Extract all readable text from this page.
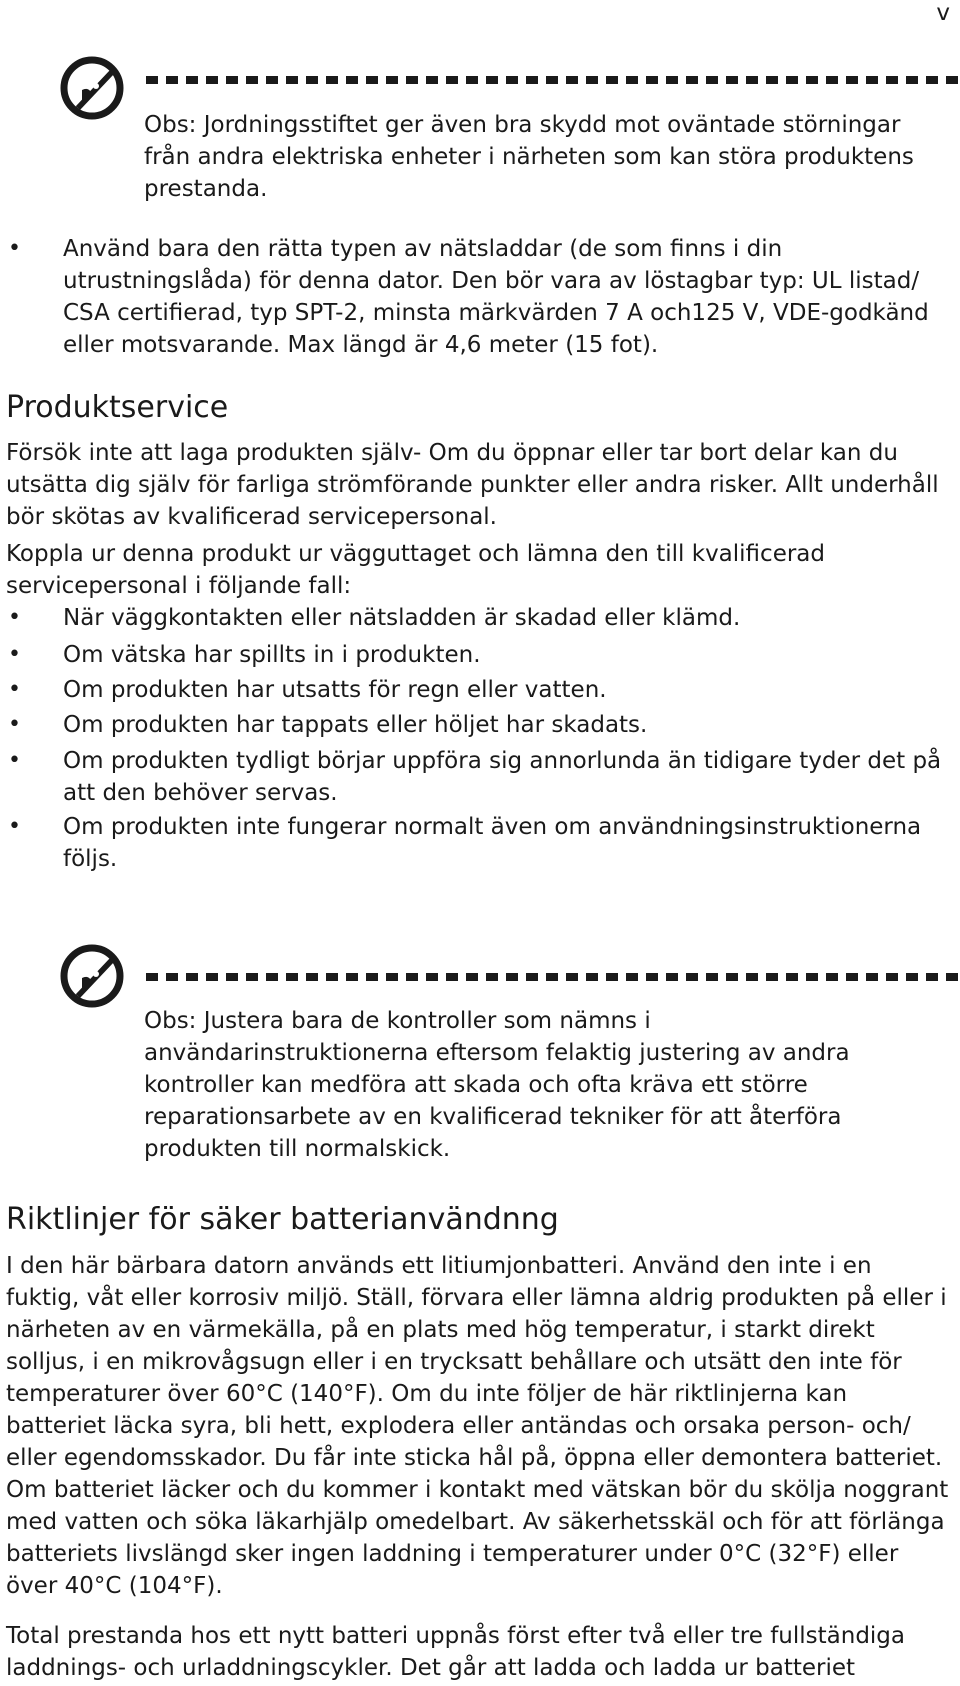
v

Obs: Jordningsstiftet ger även bra skydd mot oväntade störningar från andra elektriska enheter i närheten som kan störa produktens prestanda.

• Använd bara den rätta typen av nätsladdar (de som finns i din utrustningslåda) för denna dator. Den bör vara av löstagbar typ: UL listad/ CSA certifierad, typ SPT-2, minsta märkvärden 7 A och125 V, VDE-godkänd eller motsvarande. Max längd är 4,6 meter (15 fot).

Produktservice

Försök inte att laga produkten själv- Om du öppnar eller tar bort delar kan du utsätta dig själv för farliga strömförande punkter eller andra risker. Allt underhåll bör skötas av kvalificerad servicepersonal.

Koppla ur denna produkt ur vägguttaget och lämna den till kvalificerad servicepersonal i följande fall:

• När väggkontakten eller nätsladden är skadad eller klämd.

• Om vätska har spillts in i produkten.

• Om produkten har utsatts för regn eller vatten.

• Om produkten har tappats eller höljet har skadats.

• Om produkten tydligt börjar uppföra sig annorlunda än tidigare tyder det på att den behöver servas.

• Om produkten inte fungerar normalt även om användningsinstruktionerna följs.

Obs: Justera bara de kontroller som nämns i användarinstruktionerna eftersom felaktig justering av andra kontroller kan medföra att skada och ofta kräva ett större reparationsarbete av en kvalificerad tekniker för att återföra produkten till normalskick.

Riktlinjer för säker batterianvändnng

I den här bärbara datorn används ett litiumjonbatteri. Använd den inte i en fuktig, våt eller korrosiv miljö. Ställ, förvara eller lämna aldrig produkten på eller i närheten av en värmekälla, på en plats med hög temperatur, i starkt direkt solljus, i en mikrovågsugn eller i en trycksatt behållare och utsätt den inte för temperaturer över 60°C (140°F). Om du inte följer de här riktlinjerna kan batteriet läcka syra, bli hett, explodera eller antändas och orsaka person- och/ eller egendomsskador. Du får inte sticka hål på, öppna eller demontera batteriet. Om batteriet läcker och du kommer i kontakt med vätskan bör du skölja noggrant med vatten och söka läkarhjälp omedelbart. Av säkerhetsskäl och för att förlänga batteriets livslängd sker ingen laddning i temperaturer under 0°C (32°F) eller över 40°C (104°F).

Total prestanda hos ett nytt batteri uppnås först efter två eller tre fullständiga laddnings- och urladdningscykler. Det går att ladda och ladda ur batteriet
